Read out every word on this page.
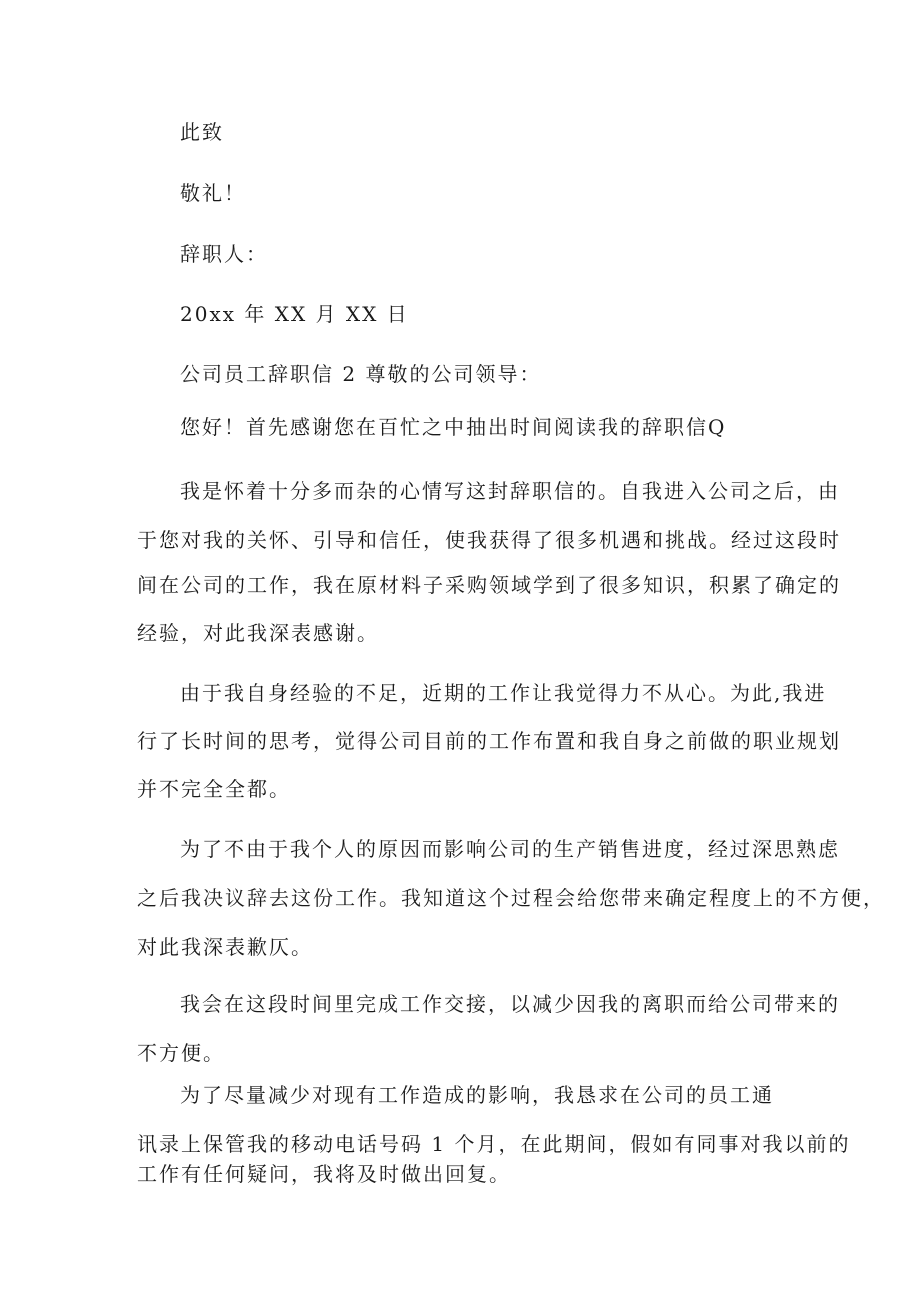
此致
敬礼！
辞职人：
20xx 年 XX 月 XX 日
公司员工辞职信 2 尊敬的公司领导：
您好！首先感谢您在百忙之中抽出时间阅读我的辞职信Q
我是怀着十分多而杂的心情写这封辞职信的。自我进入公司之后，由
于您对我的关怀、引导和信任，使我获得了很多机遇和挑战。经过这段时
间在公司的工作，我在原材料子采购领域学到了很多知识，积累了确定的
经验，对此我深表感谢。
由于我自身经验的不足，近期的工作让我觉得力不从心。为此,我进
行了长时间的思考，觉得公司目前的工作布置和我自身之前做的职业规划
并不完全全都。
为了不由于我个人的原因而影响公司的生产销售进度，经过深思熟虑
之后我决议辞去这份工作。我知道这个过程会给您带来确定程度上的不方便，
对此我深表歉仄。
我会在这段时间里完成工作交接，以减少因我的离职而给公司带来的
不方便。
为了尽量减少对现有工作造成的影响，我恳求在公司的员工通
讯录上保管我的移动电话号码 1 个月，在此期间，假如有同事对我以前的
工作有任何疑问，我将及时做出回复。
